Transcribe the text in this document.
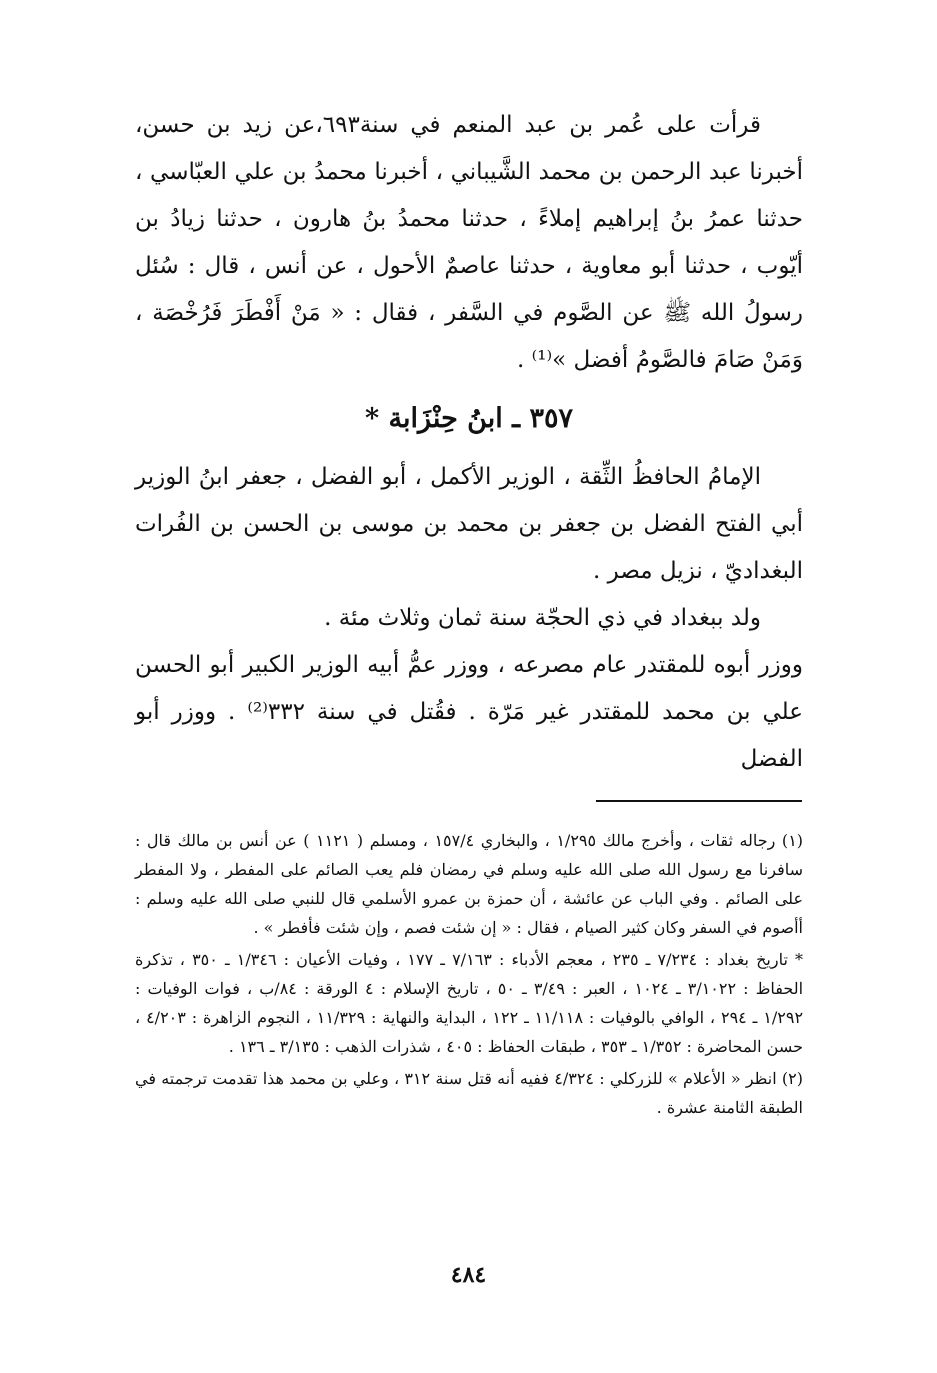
قرأت على عُمر بن عبد المنعم في سنة٦٩٣،عن زيد بن حسن، أخبرنا عبد الرحمن بن محمد الشَّيباني ، أخبرنا محمدُ بن علي العبّاسي ، حدثنا عمرُ بنُ إبراهيم إملاءً ، حدثنا محمدُ بنُ هارون ، حدثنا زيادُ بن أيّوب ، حدثنا أبو معاوية ، حدثنا عاصمٌ الأحول ، عن أنس ، قال : سُئل رسولُ الله ﷺ عن الصَّوم في السَّفر ، فقال : « مَنْ أَفْطَرَ فَرُخْصَة ، وَمَنْ صَامَ فالصَّومُ أفضل »⁽¹⁾ .

٣٥٧ ـ ابنُ حِنْزَابة *

الإمامُ الحافظُ الثِّقة ، الوزير الأكمل ، أبو الفضل ، جعفر ابنُ الوزير أبي الفتح الفضل بن جعفر بن محمد بن موسى بن الحسن بن الفُرات البغداديّ ، نزيل مصر .

ولد ببغداد في ذي الحجّة سنة ثمان وثلاث مئة .

ووزر أبوه للمقتدر عام مصرعه ، ووزر عمُّ أبيه الوزير الكبير أبو الحسن علي بن محمد للمقتدر غير مَرّة . فقُتل في سنة ٣٣٢⁽²⁾ . ووزر أبو الفضل

(١) رجاله ثقات ، وأخرج مالك ١/٢٩٥ ، والبخاري ١٥٧/٤ ، ومسلم ( ١١٢١ ) عن أنس بن مالك قال : سافرنا مع رسول الله صلى الله عليه وسلم في رمضان فلم يعب الصائم على المفطر ، ولا المفطر على الصائم . وفي الباب عن عائشة ، أن حمزة بن عمرو الأسلمي قال للنبي صلى الله عليه وسلم : أأصوم في السفر وكان كثير الصيام ، فقال : « إن شئت فصم ، وإن شئت فأفطر » .

* تاريخ بغداد : ٧/٢٣٤ ـ ٢٣٥ ، معجم الأدباء : ٧/١٦٣ ـ ١٧٧ ، وفيات الأعيان : ١/٣٤٦ ـ ٣٥٠ ، تذكرة الحفاظ : ٣/١٠٢٢ ـ ١٠٢٤ ، العبر : ٣/٤٩ ـ ٥٠ ، تاريخ الإسلام : ٤ الورقة : ٨٤/ب ، فوات الوفيات : ١/٢٩٢ ـ ٢٩٤ ، الوافي بالوفيات : ١١/١١٨ ـ ١٢٢ ، البداية والنهاية : ١١/٣٢٩ ، النجوم الزاهرة : ٤/٢٠٣ ، حسن المحاضرة : ١/٣٥٢ ـ ٣٥٣ ، طبقات الحفاظ : ٤٠٥ ، شذرات الذهب : ٣/١٣٥ ـ ١٣٦ .

(٢) انظر « الأعلام » للزركلي : ٤/٣٢٤ ففيه أنه قتل سنة ٣١٢ ، وعلي بن محمد هذا تقدمت ترجمته في الطبقة الثامنة عشرة .

٤٨٤
